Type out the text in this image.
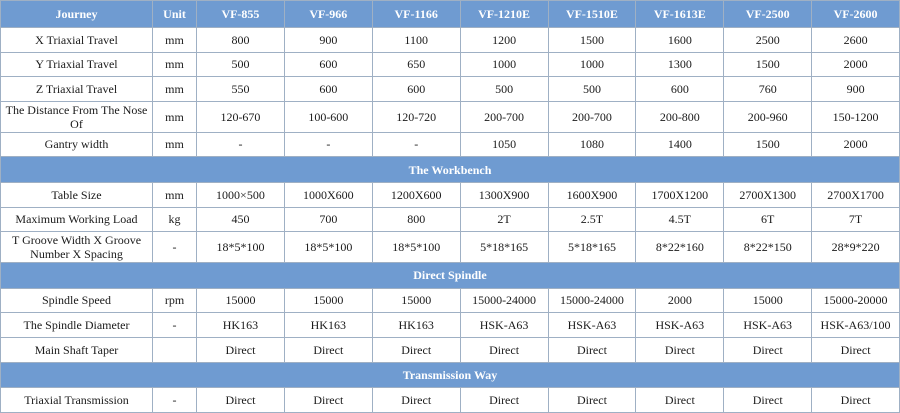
Journey	Unit	VF-855	VF-966	VF-1166	VF-1210E	VF-1510E	VF-1613E	VF-2500	VF-2600
X Triaxial Travel	mm	800	900	1100	1200	1500	1600	2500	2600
Y Triaxial Travel	mm	500	600	650	1000	1000	1300	1500	2000
Z Triaxial Travel	mm	550	600	600	500	500	600	760	900
The Distance From The Nose Of	mm	120-670	100-600	120-720	200-700	200-700	200-800	200-960	150-1200
Gantry width	mm	-	-	-	1050	1080	1400	1500	2000
The Workbench									
Table Size	mm	1000×500	1000X600	1200X600	1300X900	1600X900	1700X1200	2700X1300	2700X1700
Maximum Working Load	kg	450	700	800	2T	2.5T	4.5T	6T	7T
T Groove Width X Groove Number X Spacing	-	18*5*100	18*5*100	18*5*100	5*18*165	5*18*165	8*22*160	8*22*150	28*9*220
Direct Spindle									
Spindle Speed	rpm	15000	15000	15000	15000-24000	15000-24000	2000	15000	15000-20000
The Spindle Diameter	-	HK163	HK163	HK163	HSK-A63	HSK-A63	HSK-A63	HSK-A63	HSK-A63/100
Main Shaft Taper		Direct	Direct	Direct	Direct	Direct	Direct	Direct	Direct
Transmission Way									
Triaxial Transmission	-	Direct	Direct	Direct	Direct	Direct	Direct	Direct	Direct
